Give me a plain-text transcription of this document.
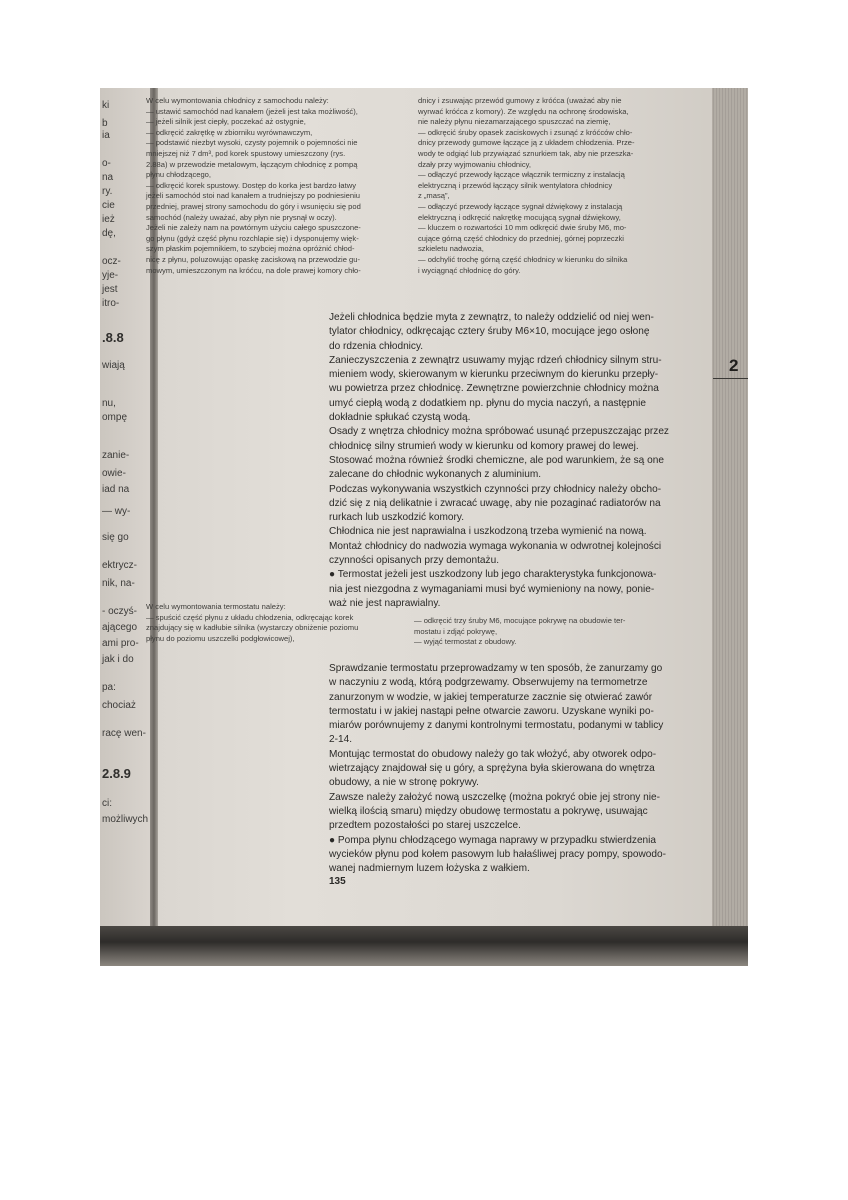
ki
b
ia
o-
na
ry.
cie
ież
dę,
ocz-
yje-
jest
itro-
.8.8
wiają
nu,
ompę
zanie-
owie-
iad na
— wy-
się go
ektrycz-
nik, na-
- oczyś-
ającego
ami pro-
jak i do
pa:
chociaż
racę wen-
2.8.9
ci:
możliwych

W celu wymontowania chłodnicy z samochodu należy:

— ustawić samochód nad kanałem (jeżeli jest taka możliwość),

— jeżeli silnik jest ciepły, poczekać aż ostygnie,

— odkręcić zakrętkę w zbiorniku wyrównawczym,

— podstawić niezbyt wysoki, czysty pojemnik o pojemności nie

mniejszej niż 7 dm³, pod korek spustowy umieszczony (rys.

2.88a) w przewodzie metalowym, łączącym chłodnicę z pompą

płynu chłodzącego,

— odkręcić korek spustowy. Dostęp do korka jest bardzo łatwy

jeżeli samochód stoi nad kanałem a trudniejszy po podniesieniu

przedniej, prawej strony samochodu do góry i wsunięciu się pod

samochód (należy uważać, aby płyn nie prysnął w oczy).

Jeżeli nie zależy nam na powtórnym użyciu całego spuszczone-

go płynu (gdyż część płynu rozchlapie się) i dysponujemy więk-

szym płaskim pojemnikiem, to szybciej można opróżnić chłod-

nicę z płynu, poluzowując opaskę zaciskową na przewodzie gu-

mowym, umieszczonym na króćcu, na dole prawej komory chło-

dnicy i zsuwając przewód gumowy z króćca (uważać aby nie

wyrwać króćca z komory). Ze względu na ochronę środowiska,

nie należy płynu niezamarzającego spuszczać na ziemię,

— odkręcić śruby opasek zaciskowych i zsunąć z króćców chło-

dnicy przewody gumowe łączące ją z układem chłodzenia. Prze-

wody te odgiąć lub przywiązać sznurkiem tak, aby nie przeszka-

dzały przy wyjmowaniu chłodnicy,

— odłączyć przewody łączące włącznik termiczny z instalacją

elektryczną i przewód łączący silnik wentylatora chłodnicy

z „masą”,

— odłączyć przewody łączące sygnał dźwiękowy z instalacją

elektryczną i odkręcić nakrętkę mocującą sygnał dźwiękowy,

— kluczem o rozwartości 10 mm odkręcić dwie śruby M6, mo-

cujące górną część chłodnicy do przedniej, górnej poprzeczki

szkieletu nadwozia,

— odchylić trochę górną część chłodnicy w kierunku do silnika

i wyciągnąć chłodnicę do góry.

Jeżeli chłodnica będzie myta z zewnątrz, to należy oddzielić od niej wen-

tylator chłodnicy, odkręcając cztery śruby M6×10, mocujące jego osłonę

do rdzenia chłodnicy.

Zanieczyszczenia z zewnątrz usuwamy myjąc rdzeń chłodnicy silnym stru-

mieniem wody, skierowanym w kierunku przeciwnym do kierunku przepły-

wu powietrza przez chłodnicę. Zewnętrzne powierzchnie chłodnicy można

umyć ciepłą wodą z dodatkiem np. płynu do mycia naczyń, a następnie

dokładnie spłukać czystą wodą.

Osady z wnętrza chłodnicy można spróbować usunąć przepuszczając przez

chłodnicę silny strumień wody w kierunku od komory prawej do lewej.

Stosować można również środki chemiczne, ale pod warunkiem, że są one

zalecane do chłodnic wykonanych z aluminium.

Podczas wykonywania wszystkich czynności przy chłodnicy należy obcho-

dzić się z nią delikatnie i zwracać uwagę, aby nie pozaginać radiatorów na

rurkach lub uszkodzić komory.

Chłodnica nie jest naprawialna i uszkodzoną trzeba wymienić na nową.

Montaż chłodnicy do nadwozia wymaga wykonania w odwrotnej kolejności

czynności opisanych przy demontażu.

● Termostat jeżeli jest uszkodzony lub jego charakterystyka funkcjonowa-

nia jest niezgodna z wymaganiami musi być wymieniony na nowy, ponie-

waż nie jest naprawialny.

W celu wymontowania termostatu należy:

— spuścić część płynu z układu chłodzenia, odkręcając korek

znajdujący się w kadłubie silnika (wystarczy obniżenie poziomu

płynu do poziomu uszczelki podgłowicowej),

— odkręcić trzy śruby M6, mocujące pokrywę na obudowie ter-

mostatu i zdjąć pokrywę,

— wyjąć termostat z obudowy.

Sprawdzanie termostatu przeprowadzamy w ten sposób, że zanurzamy go

w naczyniu z wodą, którą podgrzewamy. Obserwujemy na termometrze

zanurzonym w wodzie, w jakiej temperaturze zacznie się otwierać zawór

termostatu i w jakiej nastąpi pełne otwarcie zaworu. Uzyskane wyniki po-

miarów porównujemy z danymi kontrolnymi termostatu, podanymi w tablicy

2-14.

Montując termostat do obudowy należy go tak włożyć, aby otworek odpo-

wietrzający znajdował się u góry, a sprężyna była skierowana do wnętrza

obudowy, a nie w stronę pokrywy.

Zawsze należy założyć nową uszczelkę (można pokryć obie jej strony nie-

wielką ilością smaru) między obudowę termostatu a pokrywę, usuwając

przedtem pozostałości po starej uszczelce.

● Pompa płynu chłodzącego wymaga naprawy w przypadku stwierdzenia

wycieków płynu pod kołem pasowym lub hałaśliwej pracy pompy, spowodo-

wanej nadmiernym luzem łożyska z wałkiem.

2
135
